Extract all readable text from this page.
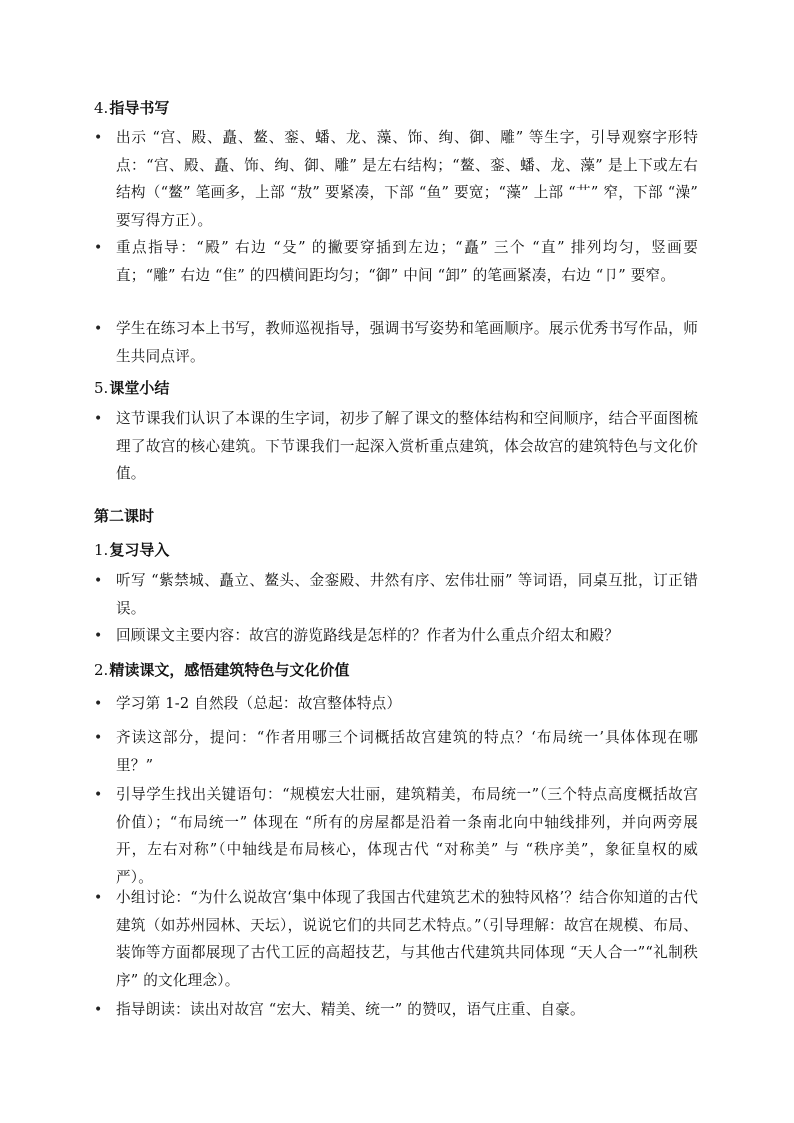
4.指导书写
• 出示 “宫、殿、矗、鳌、銮、蟠、龙、藻、饰、绚、御、雕” 等生字，引导观察字形特点：“宫、殿、矗、饰、绚、御、雕” 是左右结构；“鳌、銮、蟠、龙、藻” 是上下或左右结构（“鳌” 笔画多，上部 “敖” 要紧凑，下部 “鱼” 要宽；“藻” 上部 “艹” 窄，下部 “澡” 要写得方正）。
• 重点指导：“殿” 右边 “殳” 的撇要穿插到左边；“矗” 三个 “直” 排列均匀，竖画要直；“雕” 右边 “隹” 的四横间距均匀；“御” 中间 “卸” 的笔画紧凑，右边 “卩” 要窄。
• 学生在练习本上书写，教师巡视指导，强调书写姿势和笔画顺序。展示优秀书写作品，师生共同点评。
5.课堂小结
• 这节课我们认识了本课的生字词，初步了解了课文的整体结构和空间顺序，结合平面图梳理了故宫的核心建筑。下节课我们一起深入赏析重点建筑，体会故宫的建筑特色与文化价值。
第二课时
1.复习导入
• 听写 “紫禁城、矗立、鳌头、金銮殿、井然有序、宏伟壮丽” 等词语，同桌互批，订正错误。
• 回顾课文主要内容：故宫的游览路线是怎样的？作者为什么重点介绍太和殿？
2.精读课文，感悟建筑特色与文化价值
• 学习第 1-2 自然段（总起：故宫整体特点）
• 齐读这部分，提问：“作者用哪三个词概括故宫建筑的特点？‘布局统一’具体体现在哪里？”
• 引导学生找出关键语句：“规模宏大壮丽，建筑精美，布局统一”（三个特点高度概括故宫价值）；“布局统一” 体现在 “所有的房屋都是沿着一条南北向中轴线排列，并向两旁展开，左右对称”（中轴线是布局核心，体现古代 “对称美” 与 “秩序美”，象征皇权的威严）。
• 小组讨论：“为什么说故宫‘集中体现了我国古代建筑艺术的独特风格’？结合你知道的古代建筑（如苏州园林、天坛），说说它们的共同艺术特点。”（引导理解：故宫在规模、布局、装饰等方面都展现了古代工匠的高超技艺，与其他古代建筑共同体现 “天人合一”“礼制秩序” 的文化理念）。
• 指导朗读：读出对故宫 “宏大、精美、统一” 的赞叹，语气庄重、自豪。
